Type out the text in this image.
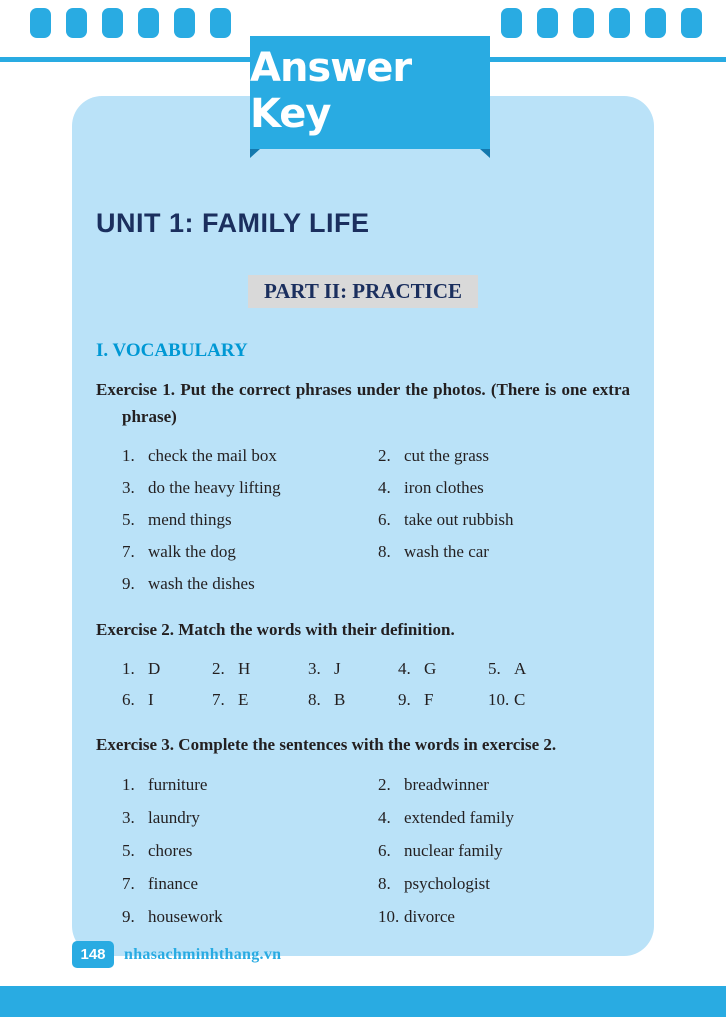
Answer Key
UNIT 1: FAMILY LIFE
PART II: PRACTICE
I. VOCABULARY

Exercise 1. Put the correct phrases under the photos. (There is one extra phrase)

1. check the mail box	2. cut the grass
3. do the heavy lifting	4. iron clothes
5. mend things	6. take out rubbish
7. walk the dog	8. wash the car
9. wash the dishes

Exercise 2. Match the words with their definition.

1. D	2. H	3. J	4. G	5. A
6. I	7. E	8. B	9. F	10. C

Exercise 3. Complete the sentences with the words in exercise 2.

1. furniture	2. breadwinner
3. laundry	4. extended family
5. chores	6. nuclear family
7. finance	8. psychologist
9. housework	10. divorce
148	nhasachminhthang.vn
